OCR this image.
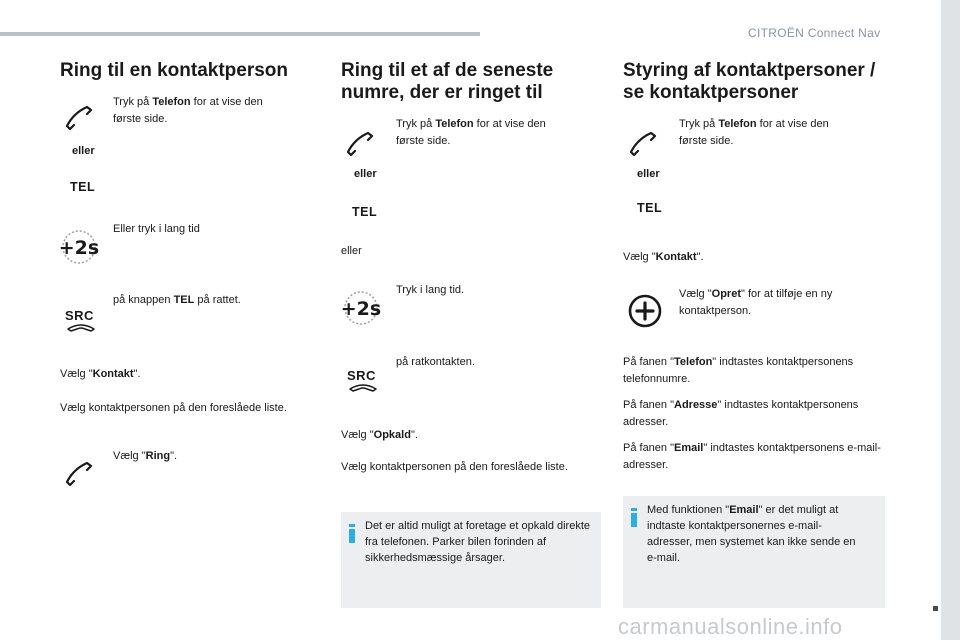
CITROËN Connect Nav
31
Ring til en kontaktperson
Tryk på Telefon for at vise den første side.
eller
TEL
+2s
Eller tryk i lang tid
SRC
på knappen TEL på rattet.
Vælg "Kontakt".
Vælg kontaktpersonen på den foreslåede liste.
Vælg "Ring".
Ring til et af de seneste numre, der er ringet til
Tryk på Telefon for at vise den første side.
eller
TEL
eller
+2s
Tryk i lang tid.
SRC
på ratkontakten.
Vælg "Opkald".
Vælg kontaktpersonen på den foreslåede liste.
Det er altid muligt at foretage et opkald direkte fra telefonen. Parker bilen forinden af sikkerhedsmæssige årsager.
Styring af kontaktpersoner / se kontaktpersoner
Tryk på Telefon for at vise den første side.
eller
TEL
Vælg "Kontakt".
Vælg "Opret" for at tilføje en ny kontaktperson.
På fanen "Telefon" indtastes kontaktpersonens telefonnumre.
På fanen "Adresse" indtastes kontaktpersonens adresser.
På fanen "Email" indtastes kontaktpersonens e-mail-adresser.
Med funktionen "Email" er det muligt at indtaste kontaktpersonernes e-mail-adresser, men systemet kan ikke sende en e-mail.
carmanualsonline.info
